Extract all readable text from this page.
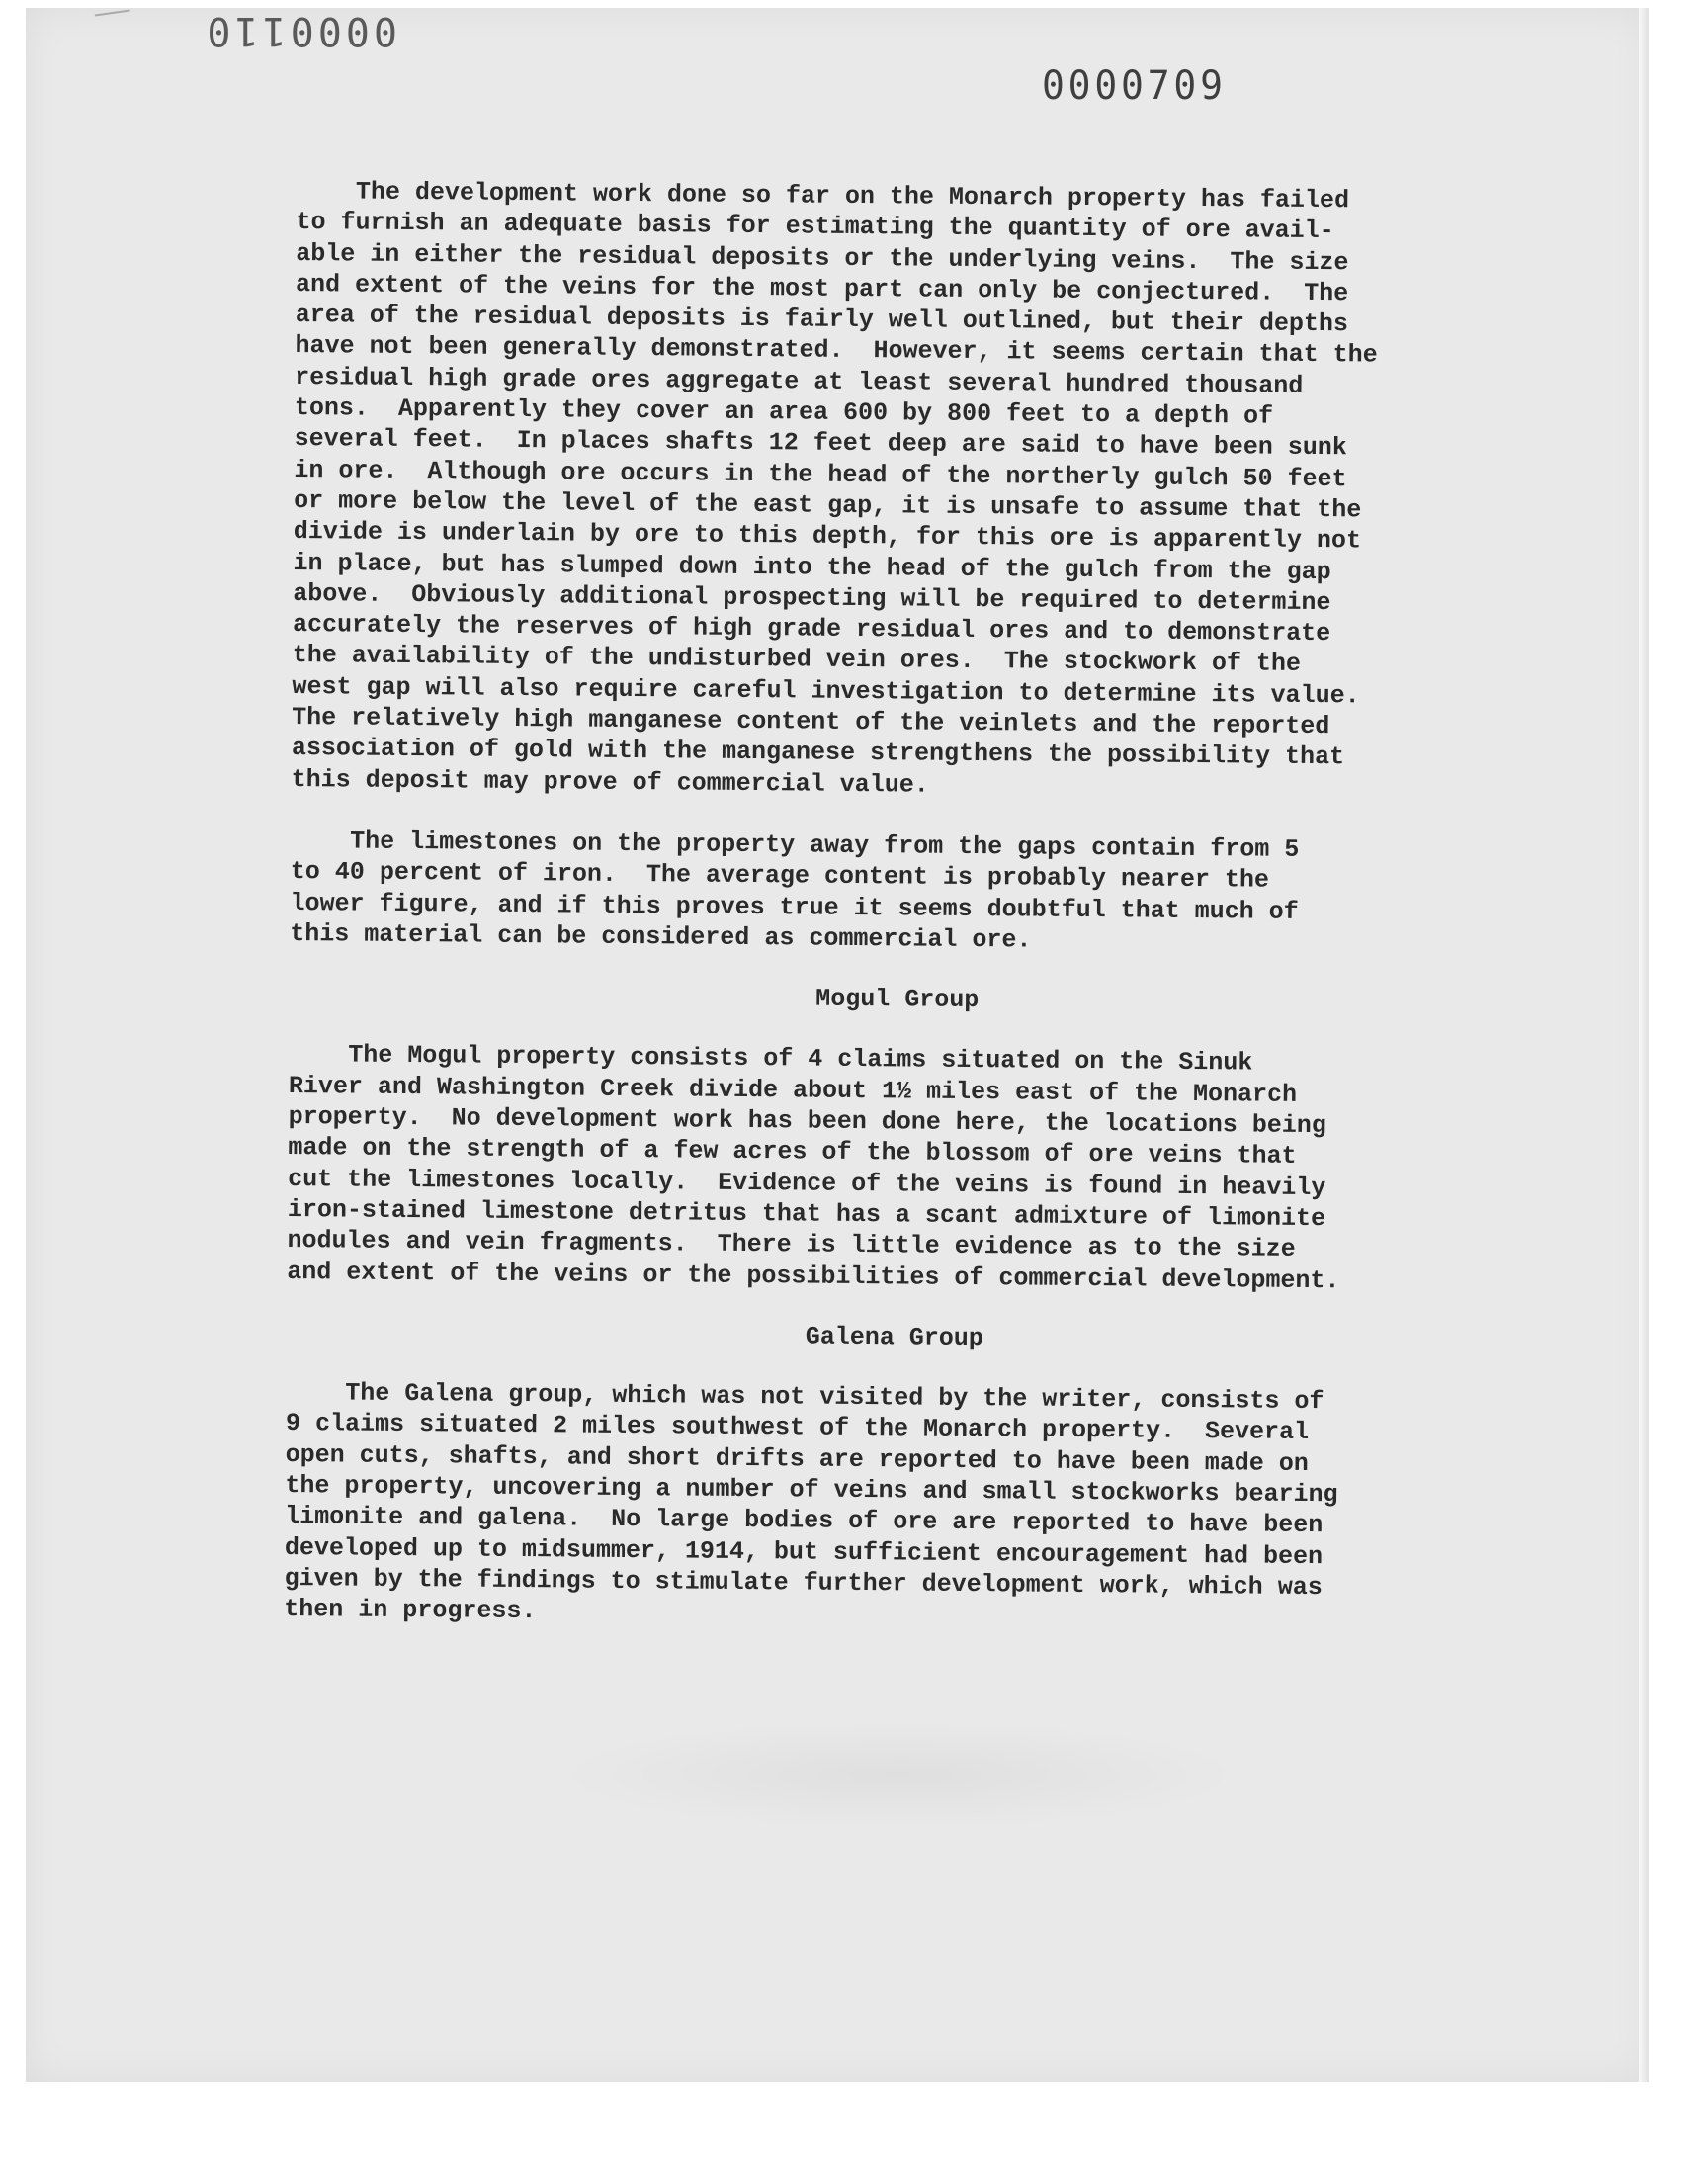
0000110
0000709

The development work done so far on the Monarch property has failed

to furnish an adequate basis for estimating the quantity of ore avail-

able in either the residual deposits or the underlying veins.  The size

and extent of the veins for the most part can only be conjectured.  The

area of the residual deposits is fairly well outlined, but their depths

have not been generally demonstrated.  However, it seems certain that the

residual high grade ores aggregate at least several hundred thousand

tons.  Apparently they cover an area 600 by 800 feet to a depth of

several feet.  In places shafts 12 feet deep are said to have been sunk

in ore.  Although ore occurs in the head of the northerly gulch 50 feet

or more below the level of the east gap, it is unsafe to assume that the

divide is underlain by ore to this depth, for this ore is apparently not

in place, but has slumped down into the head of the gulch from the gap

above.  Obviously additional prospecting will be required to determine

accurately the reserves of high grade residual ores and to demonstrate

the availability of the undisturbed vein ores.  The stockwork of the

west gap will also require careful investigation to determine its value.

The relatively high manganese content of the veinlets and the reported

association of gold with the manganese strengthens the possibility that

this deposit may prove of commercial value.

The limestones on the property away from the gaps contain from 5

to 40 percent of iron.  The average content is probably nearer the

lower figure, and if this proves true it seems doubtful that much of

this material can be considered as commercial ore.

Mogul Group

The Mogul property consists of 4 claims situated on the Sinuk

River and Washington Creek divide about 1½ miles east of the Monarch

property.  No development work has been done here, the locations being

made on the strength of a few acres of the blossom of ore veins that

cut the limestones locally.  Evidence of the veins is found in heavily

iron-stained limestone detritus that has a scant admixture of limonite

nodules and vein fragments.  There is little evidence as to the size

and extent of the veins or the possibilities of commercial development.

Galena Group

The Galena group, which was not visited by the writer, consists of

9 claims situated 2 miles southwest of the Monarch property.  Several

open cuts, shafts, and short drifts are reported to have been made on

the property, uncovering a number of veins and small stockworks bearing

limonite and galena.  No large bodies of ore are reported to have been

developed up to midsummer, 1914, but sufficient encouragement had been

given by the findings to stimulate further development work, which was

then in progress.
